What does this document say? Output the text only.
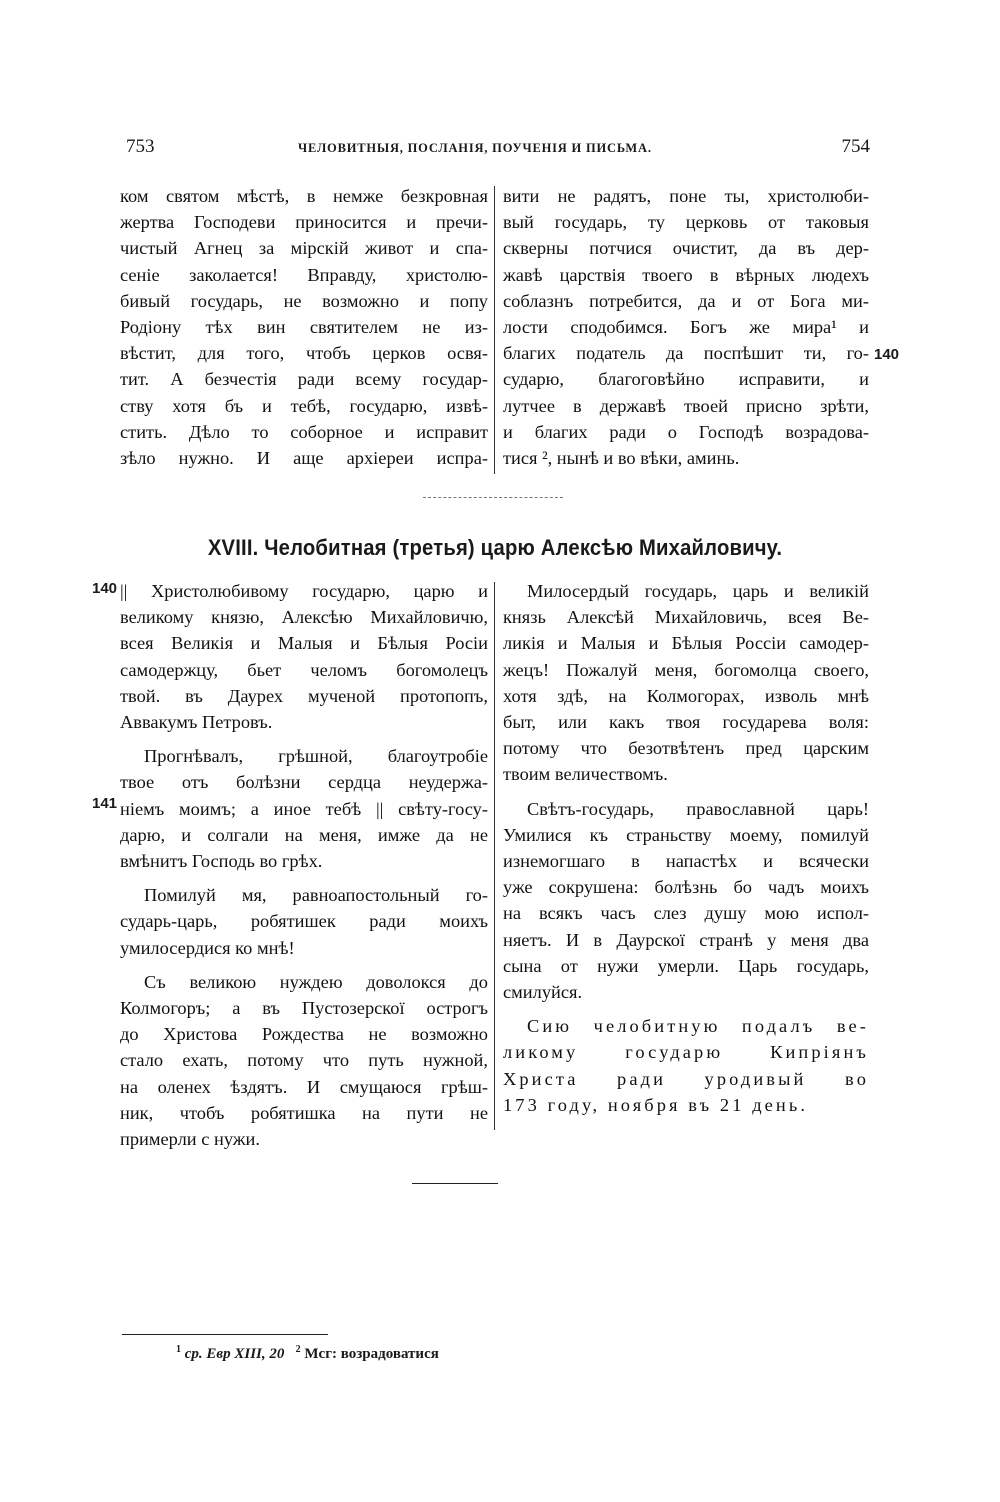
753	ЧЕЛОВИТНЫЯ, ПОСЛАНІЯ, ПОУЧЕНІЯ И ПИСЬМА.	754
ком святом мѣстѣ, в немже безкровная
жертва Господеви приносится и пречи-
чистый Агнец за мірскій живот и спа-
сеніе заколается! Вправду, христолю-
бивый государь, не возможно и попу
Родіону тѣх вин святителем не из-
вѣстит, для того, чтобъ церков освя-
тит. А безчестія ради всему государ-
ству хотя бъ и тебѣ, государю, извѣ-
стить. Дѣло то соборное и исправит
зѣло нужно. И аще архіереи испра-
вити не радятъ, поне ты, христолюби-
вый государь, ту церковь от таковыя
скверны потчися очистит, да въ дер-
жавѣ царствія твоего в вѣрных людехъ
соблазнъ потребится, да и от Бога ми-
лости сподобимся. Богъ же мира¹ и
благих податель да поспѣшит ти, го-
сударю, благоговѣйно исправити, и
лутчее в державѣ твоей присно зрѣти,
и благих ради о Господѣ возрадова-
тися ², нынѣ и во вѣки, аминь.
140
XVIII. Челобитная (третья) царю Алексѣю Михайловичу.
140
141
|| Христолюбивому государю, царю и
великому князю, Алексѣю Михайловичю,
всея Великія и Малыя и Бѣлыя Росіи
самодержцу, бьет челомъ богомолецъ
твой. въ Даурех мученой протопопъ,
Аввакумъ Петровъ.
Прогнѣвалъ, грѣшной, благоутробіе
твое отъ болѣзни сердца неудержа-
ніемъ моимъ; а иное тебѣ || свѣту-госу-
дарю, и солгали на меня, имже да не
вмѣнитъ Господь во грѣх.
Помилуй мя, равноапостольный го-
сударь-царь, робятишек ради моихъ
умилосердися ко мнѣ!
Съ великою нуждею доволокся до
Колмогоръ; а въ Пустозерскої острогъ
до Христова Рождества не возможно
стало ехать, потому что путь нужной,
на оленех ѣздятъ. И смущаюся грѣш-
ник, чтобъ робятишка на пути не
примерли с нужи.
Милосердый государь, царь и великій
князь Алексѣй Михайловичь, всея Ве-
ликія и Малыя и Бѣлыя Россіи самодер-
жецъ! Пожалуй меня, богомолца своего,
хотя здѣ, на Колмогорах, изволь мнѣ
быт, или какъ твоя государева воля:
потому что безотвѣтенъ пред царским
твоим величествомъ.
Свѣтъ-государь, православной царь!
Умилися къ страньству моему, помилуй
изнемогшаго в напастѣх и всячески
уже сокрушена: болѣзнь бо чадъ моихъ
на всякъ часъ слез душу мою испол-
няетъ. И в Даурскої странѣ у меня два
сына от нужи умерли. Царь государь,
смилуйся.
Сию челобитную подалъ ве-
ликому государю Кипріянъ
Христа ради уродивый во
173 году, ноября въ 21 день.
$^1$ ср. Евр XIII, 20 $^2$ Мсг: возрадоватися
